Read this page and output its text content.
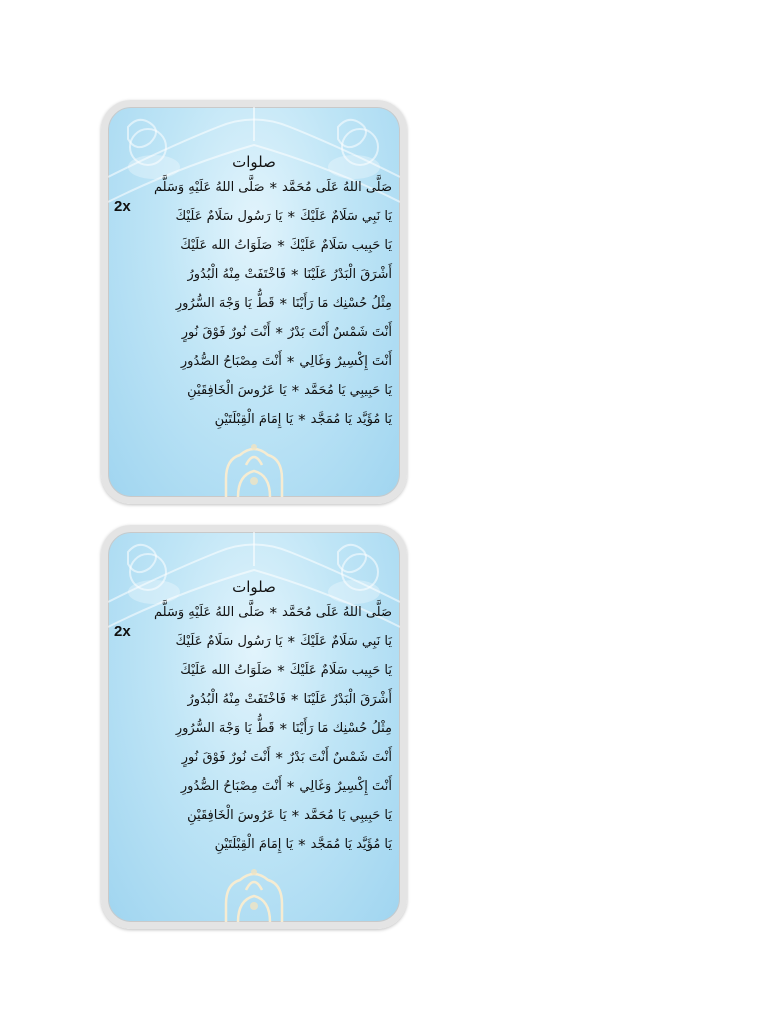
صلوات
2x
صَلَّى اللهُ عَلَى مُحَمَّد
*
صَلَّى اللهُ عَلَيْهِ وَسَلَّم
يَا نَبِي سَلَامٌ عَلَيْكَ
*
يَا رَسُول سَلَامٌ عَلَيْكَ
يَا حَبِيب سَلَامٌ عَلَيْكَ
*
صَلَوَاتُ الله عَلَيْكَ
أَشْرَقَ الْبَدْرُ عَلَيْنَا
*
فَاخْتَفَتْ مِنْهُ الْبُدُورُ
مِثْلُ حُسْنِك مَا رَأَيْنَا
*
قَطُّ يَا وَجْهَ السُّرُورِ
أَنْتَ شَمْسٌ أَنْتَ بَدْرٌ
*
أَنْتَ نُورٌ فَوْقَ نُورٍ
أَنْتَ إِكْسِيرٌ وَغَالِي
*
أَنْتَ مِصْبَاحُ الصُّدُورِ
يَا حَبِيبِي يَا مُحَمَّد
*
يَا عَرُوسَ الْخَافِقَيْنِ
يَا مُؤَيَّد يَا مُمَجَّد
*
يَا إِمَامَ الْقِبْلَتَيْنِ
صلوات
2x
صَلَّى اللهُ عَلَى مُحَمَّد
*
صَلَّى اللهُ عَلَيْهِ وَسَلَّم
يَا نَبِي سَلَامٌ عَلَيْكَ
*
يَا رَسُول سَلَامٌ عَلَيْكَ
يَا حَبِيب سَلَامٌ عَلَيْكَ
*
صَلَوَاتُ الله عَلَيْكَ
أَشْرَقَ الْبَدْرُ عَلَيْنَا
*
فَاخْتَفَتْ مِنْهُ الْبُدُورُ
مِثْلُ حُسْنِك مَا رَأَيْنَا
*
قَطُّ يَا وَجْهَ السُّرُورِ
أَنْتَ شَمْسٌ أَنْتَ بَدْرٌ
*
أَنْتَ نُورٌ فَوْقَ نُورٍ
أَنْتَ إِكْسِيرٌ وَغَالِي
*
أَنْتَ مِصْبَاحُ الصُّدُورِ
يَا حَبِيبِي يَا مُحَمَّد
*
يَا عَرُوسَ الْخَافِقَيْنِ
يَا مُؤَيَّد يَا مُمَجَّد
*
يَا إِمَامَ الْقِبْلَتَيْنِ
